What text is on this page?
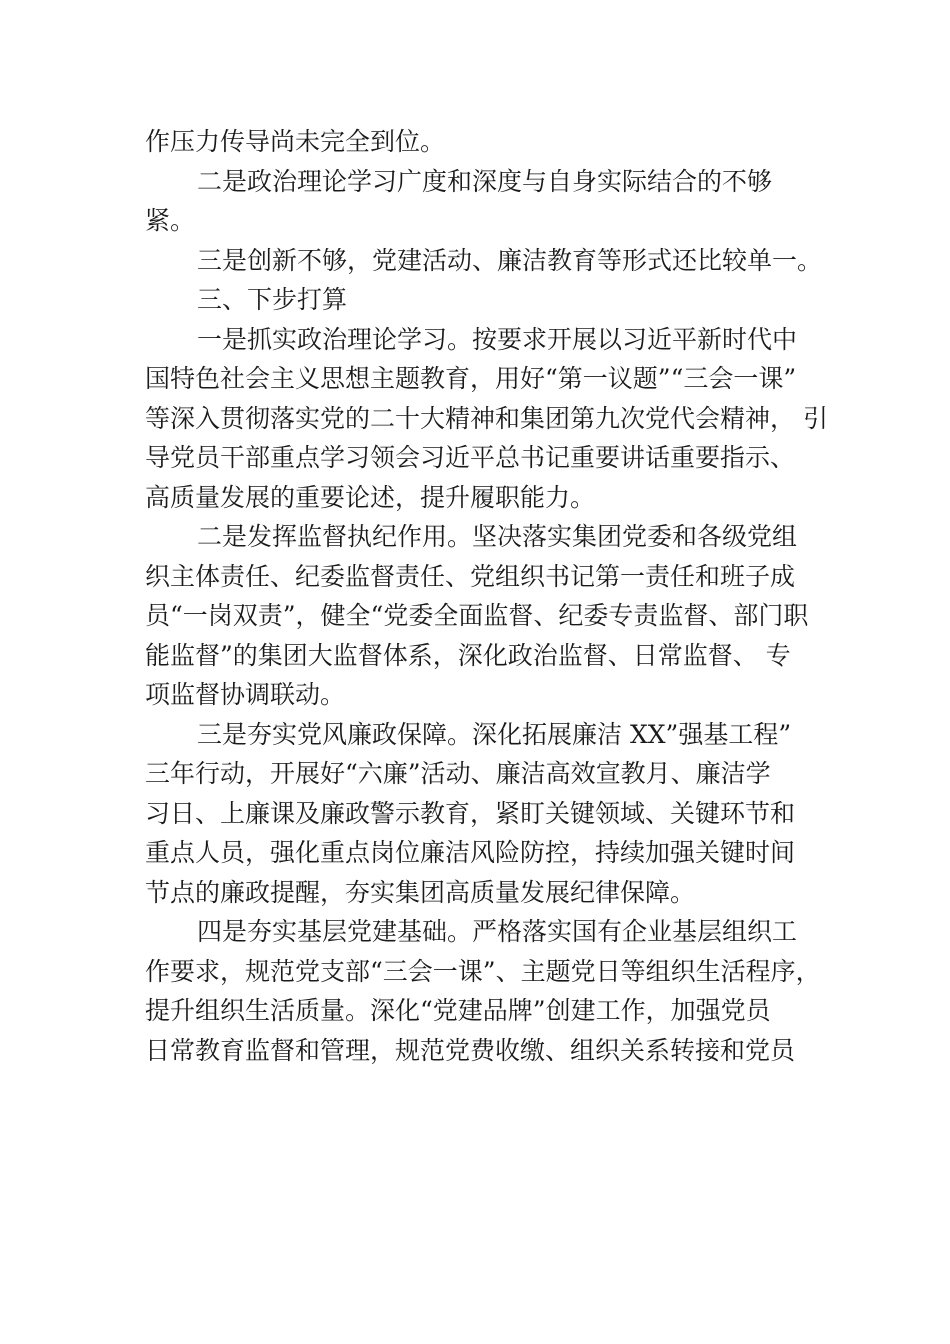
作压力传导尚未完全到位。
二是政治理论学习广度和深度与自身实际结合的不够
紧。
三是创新不够，党建活动、廉洁教育等形式还比较单一。
三、下步打算
一是抓实政治理论学习。按要求开展以习近平新时代中
国特色社会主义思想主题教育，用好“第一议题”“三会一课”
等深入贯彻落实党的二十大精神和集团第九次党代会精神， 引
导党员干部重点学习领会习近平总书记重要讲话重要指示、
高质量发展的重要论述，提升履职能力。
二是发挥监督执纪作用。坚决落实集团党委和各级党组
织主体责任、纪委监督责任、党组织书记第一责任和班子成
员“一岗双责”，健全“党委全面监督、纪委专责监督、部门职
能监督”的集团大监督体系，深化政治监督、日常监督、 专
项监督协调联动。
三是夯实党风廉政保障。深化拓展廉洁 XX”强基工程”
三年行动，开展好“六廉”活动、廉洁高效宣教月、廉洁学
习日、上廉课及廉政警示教育，紧盯关键领域、关键环节和
重点人员，强化重点岗位廉洁风险防控，持续加强关键时间
节点的廉政提醒，夯实集团高质量发展纪律保障。
四是夯实基层党建基础。严格落实国有企业基层组织工
作要求，规范党支部“三会一课”、主题党日等组织生活程序，
提升组织生活质量。深化“党建品牌”创建工作，加强党员
日常教育监督和管理，规范党费收缴、组织关系转接和党员
